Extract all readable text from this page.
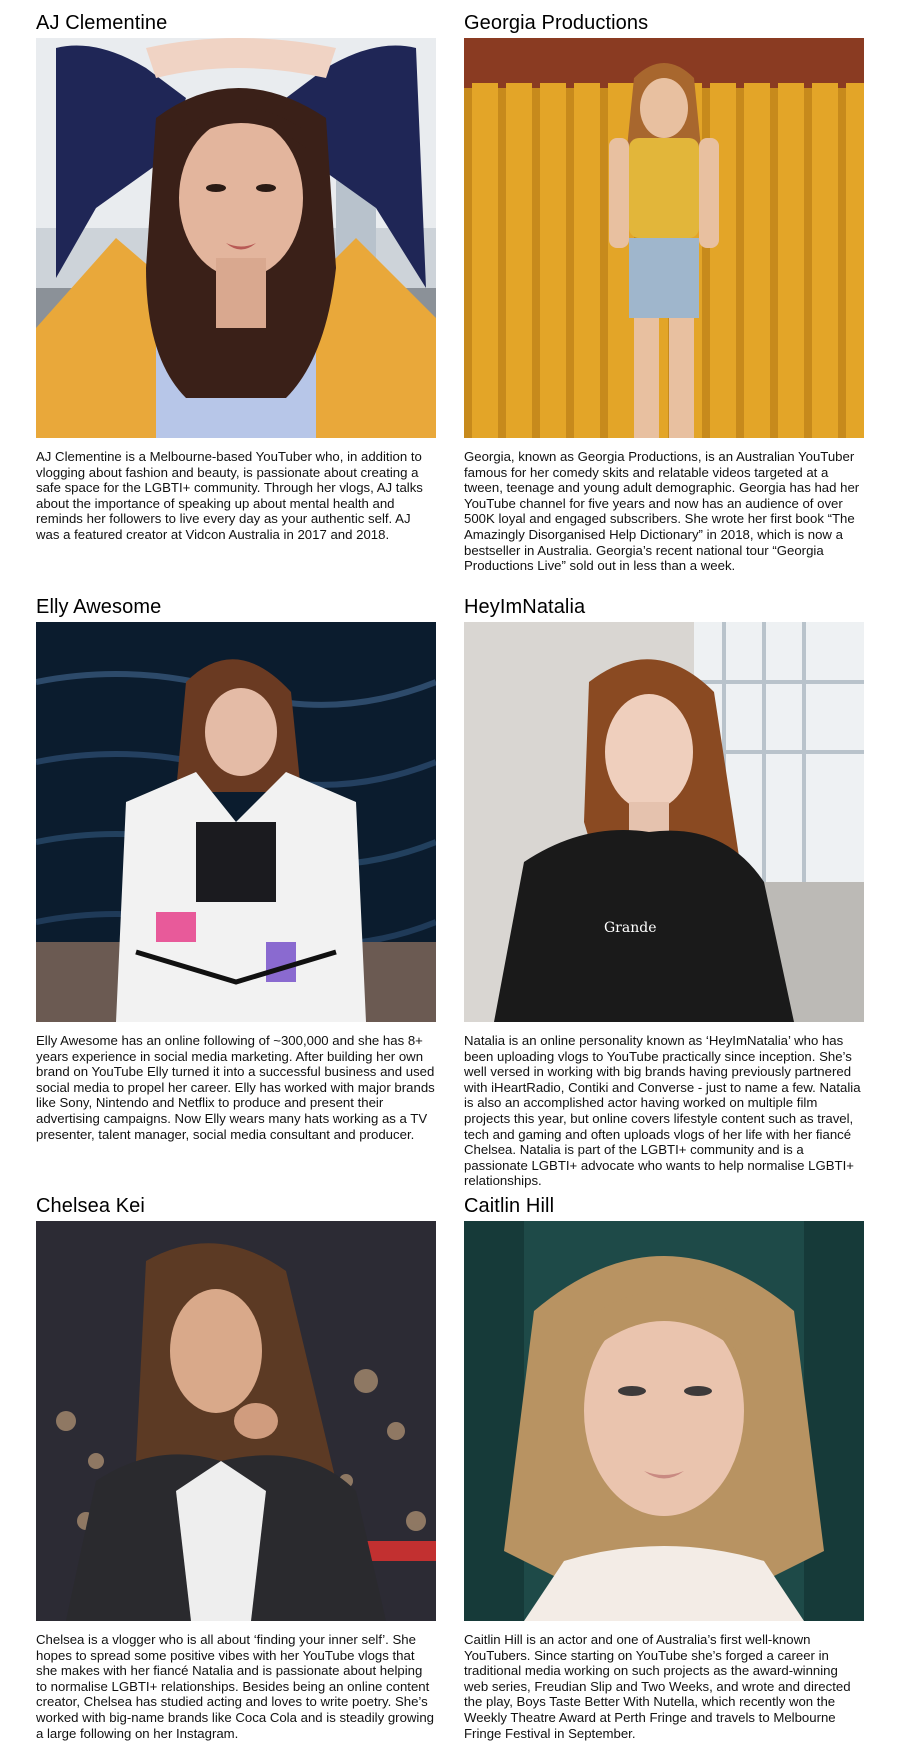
AJ Clementine

AJ Clementine is a Melbourne-based YouTuber who, in addition to vlogging about fashion and beauty, is passionate about creating a safe space for the LGBTI+ community. Through her vlogs, AJ talks about the importance of speaking up about mental health and reminds her followers to live every day as your authentic self. AJ was a featured creator at Vidcon Australia in 2017 and 2018.

Georgia Productions

Georgia, known as Georgia Productions, is an Australian YouTuber famous for her comedy skits and relatable videos targeted at a tween, teenage and young adult demographic. Georgia has had her YouTube channel for five years and now has an audience of over 500K loyal and engaged subscribers. She wrote her first book “The Amazingly Disorganised Help Dictionary” in 2018, which is now a bestseller in Australia. Georgia’s recent national tour “Georgia Productions Live” sold out in less than a week.

Elly Awesome

Elly Awesome has an online following of ~300,000 and she has 8+ years experience in social media marketing. After building her own brand on YouTube Elly turned it into a successful business and used social media to propel her career. Elly has worked with major brands like Sony, Nintendo and Netflix to produce and present their advertising campaigns. Now Elly wears many hats working as a TV presenter, talent manager, social media consultant and producer.

HeyImNatalia
Grande

Natalia is an online personality known as ‘HeyImNatalia’ who has been uploading vlogs to YouTube practically since inception. She’s well versed in working with big brands having previously partnered with iHeartRadio, Contiki and Converse - just to name a few. Natalia is also an accomplished actor having worked on multiple film projects this year, but online covers lifestyle content such as travel, tech and gaming and often uploads vlogs of her life with her fiancé Chelsea. Natalia is part of the LGBTI+ community and is a passionate LGBTI+ advocate who wants to help normalise LGBTI+ relationships.

Chelsea Kei

Chelsea is a vlogger who is all about ‘finding your inner self’. She hopes to spread some positive vibes with her YouTube vlogs that she makes with her fiancé Natalia and is passionate about helping to normalise LGBTI+ relationships. Besides being an online content creator, Chelsea has studied acting and loves to write poetry. She’s worked with big-name brands like Coca Cola and is steadily growing a large following on her Instagram.

Caitlin Hill

Caitlin Hill is an actor and one of Australia’s first well-known YouTubers. Since starting on YouTube she’s forged a career in traditional media working on such projects as the award-winning web series, Freudian Slip and Two Weeks, and wrote and directed the play, Boys Taste Better With Nutella, which recently won the Weekly Theatre Award at Perth Fringe and travels to Melbourne Fringe Festival in September.
